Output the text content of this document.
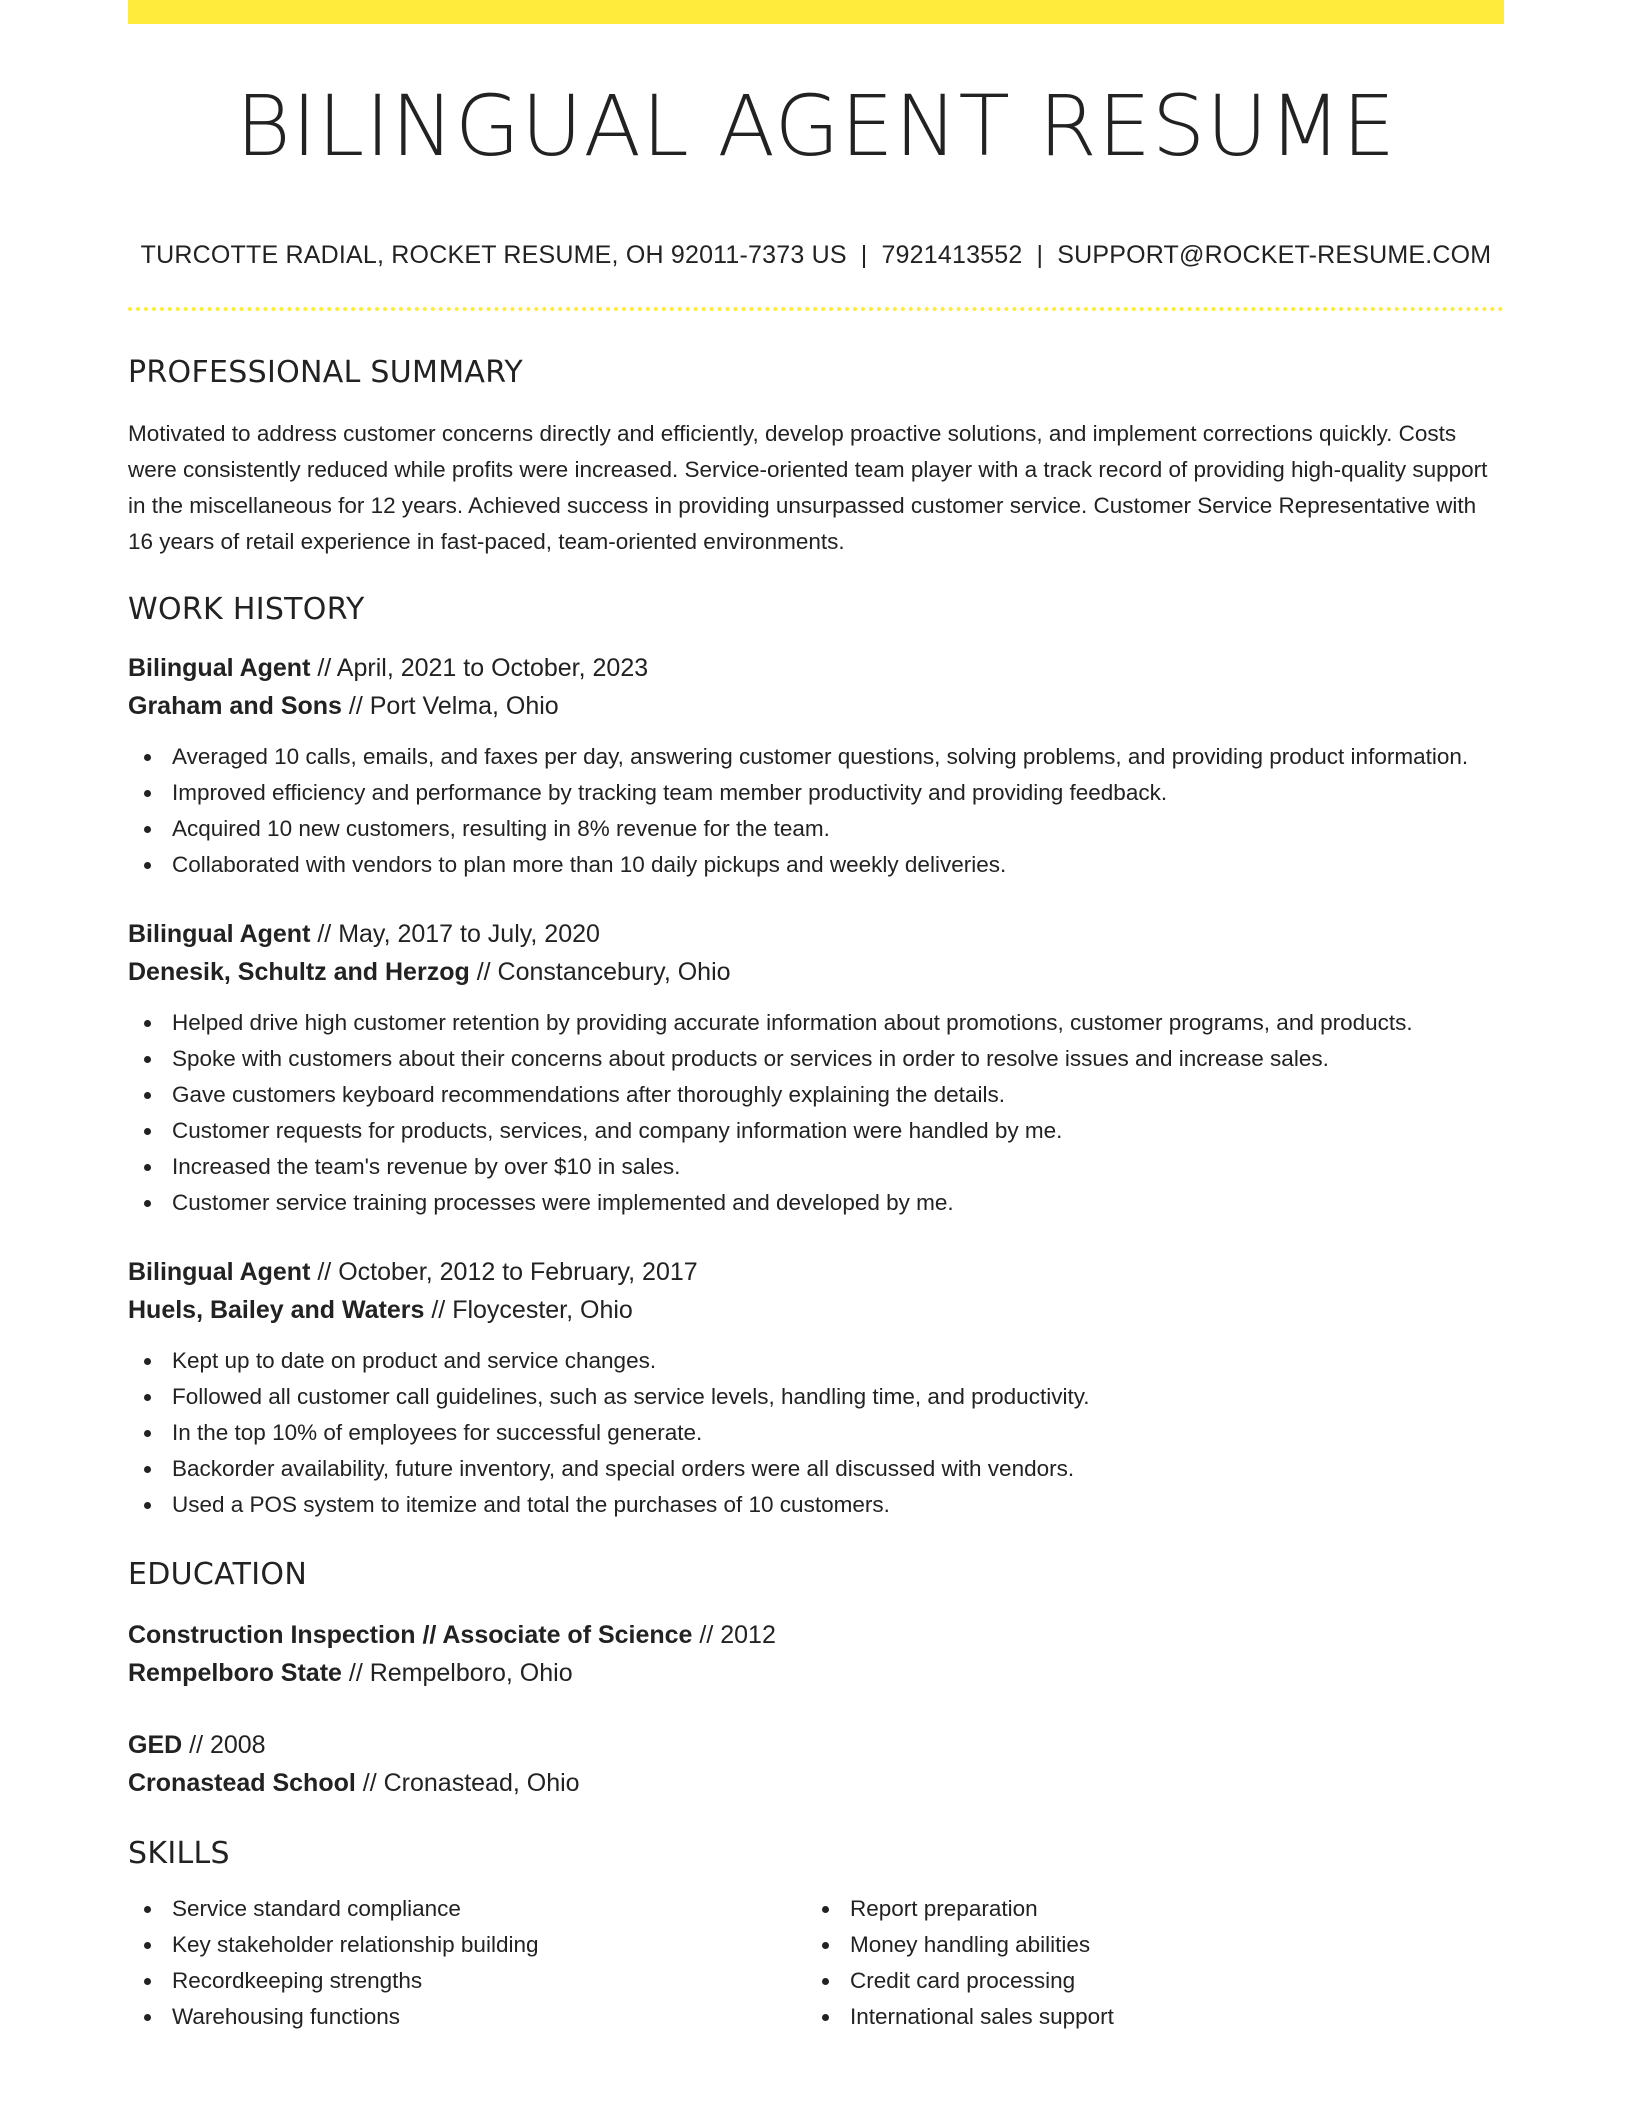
BILINGUAL AGENT RESUME
TURCOTTE RADIAL, ROCKET RESUME, OH 92011-7373 US | 7921413552 | SUPPORT@ROCKET-RESUME.COM
PROFESSIONAL SUMMARY

Motivated to address customer concerns directly and efficiently, develop proactive solutions, and implement corrections quickly. Costs were consistently reduced while profits were increased. Service-oriented team player with a track record of providing high-quality support in the miscellaneous for 12 years. Achieved success in providing unsurpassed customer service. Customer Service Representative with 16 years of retail experience in fast-paced, team-oriented environments.

WORK HISTORY
Bilingual Agent // April, 2021 to October, 2023
Graham and Sons // Port Velma, Ohio
Averaged 10 calls, emails, and faxes per day, answering customer questions, solving problems, and providing product information.
Improved efficiency and performance by tracking team member productivity and providing feedback.
Acquired 10 new customers, resulting in 8% revenue for the team.
Collaborated with vendors to plan more than 10 daily pickups and weekly deliveries.
Bilingual Agent // May, 2017 to July, 2020
Denesik, Schultz and Herzog // Constancebury, Ohio
Helped drive high customer retention by providing accurate information about promotions, customer programs, and products.
Spoke with customers about their concerns about products or services in order to resolve issues and increase sales.
Gave customers keyboard recommendations after thoroughly explaining the details.
Customer requests for products, services, and company information were handled by me.
Increased the team's revenue by over $10 in sales.
Customer service training processes were implemented and developed by me.
Bilingual Agent // October, 2012 to February, 2017
Huels, Bailey and Waters // Floycester, Ohio
Kept up to date on product and service changes.
Followed all customer call guidelines, such as service levels, handling time, and productivity.
In the top 10% of employees for successful generate.
Backorder availability, future inventory, and special orders were all discussed with vendors.
Used a POS system to itemize and total the purchases of 10 customers.
EDUCATION
Construction Inspection // Associate of Science // 2012
Rempelboro State // Rempelboro, Ohio
GED // 2008
Cronastead School // Cronastead, Ohio
SKILLS
Service standard compliance
Key stakeholder relationship building
Recordkeeping strengths
Warehousing functions
Report preparation
Money handling abilities
Credit card processing
International sales support
